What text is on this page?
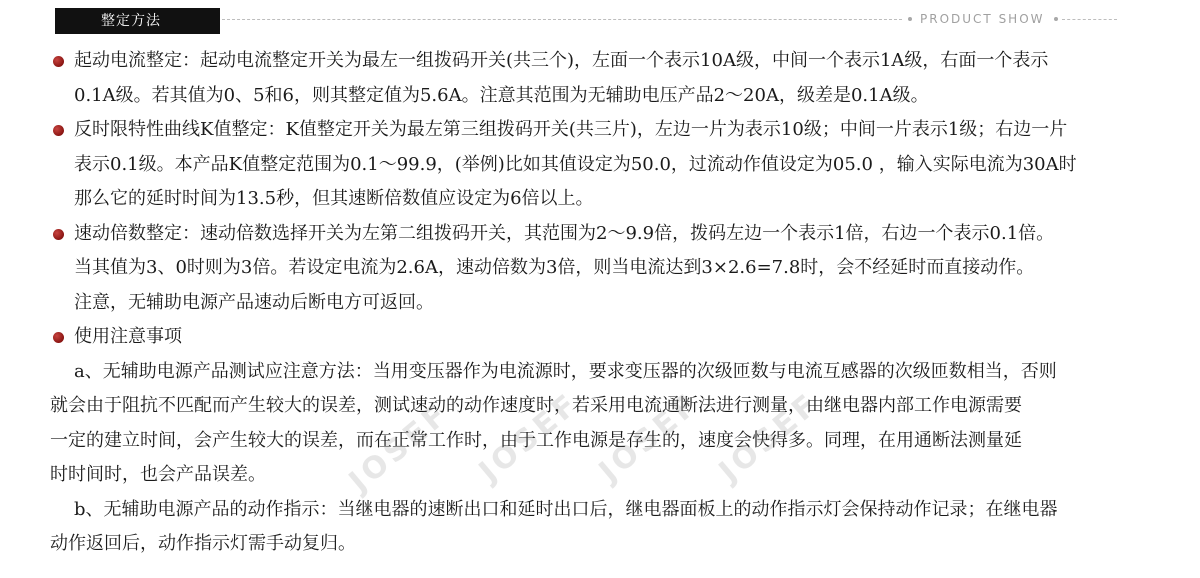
整定方法	PRODUCT SHOW
起动电流整定：起动电流整定开关为最左一组拨码开关(共三个)，左面一个表示10A级，中间一个表示1A级，右面一个表示
0.1A级。若其值为0、5和6，则其整定值为5.6A。注意其范围为无辅助电压产品2～20A，级差是0.1A级。
反时限特性曲线K值整定：K值整定开关为最左第三组拨码开关(共三片)，左边一片为表示10级；中间一片表示1级；右边一片
表示0.1级。本产品K值整定范围为0.1～99.9，(举例)比如其值设定为50.0，过流动作值设定为05.0 ，输入实际电流为30A时
那么它的延时时间为13.5秒，但其速断倍数值应设定为6倍以上。
速动倍数整定：速动倍数选择开关为左第二组拨码开关，其范围为2～9.9倍，拨码左边一个表示1倍，右边一个表示0.1倍。
当其值为3、0时则为3倍。若设定电流为2.6A，速动倍数为3倍，则当电流达到3×2.6=7.8时，会不经延时而直接动作。
注意，无辅助电源产品速动后断电方可返回。
使用注意事项
a、无辅助电源产品测试应注意方法：当用变压器作为电流源时，要求变压器的次级匝数与电流互感器的次级匝数相当，否则
就会由于阻抗不匹配而产生较大的误差，测试速动的动作速度时，若采用电流通断法进行测量，由继电器内部工作电源需要
一定的建立时间，会产生较大的误差，而在正常工作时，由于工作电源是存生的，速度会快得多。同理，在用通断法测量延
时时间时，也会产品误差。
b、无辅助电源产品的动作指示：当继电器的速断出口和延时出口后，继电器面板上的动作指示灯会保持动作记录；在继电器
动作返回后，动作指示灯需手动复归。
JOSEF JOSEF JOSEF JOSEF
